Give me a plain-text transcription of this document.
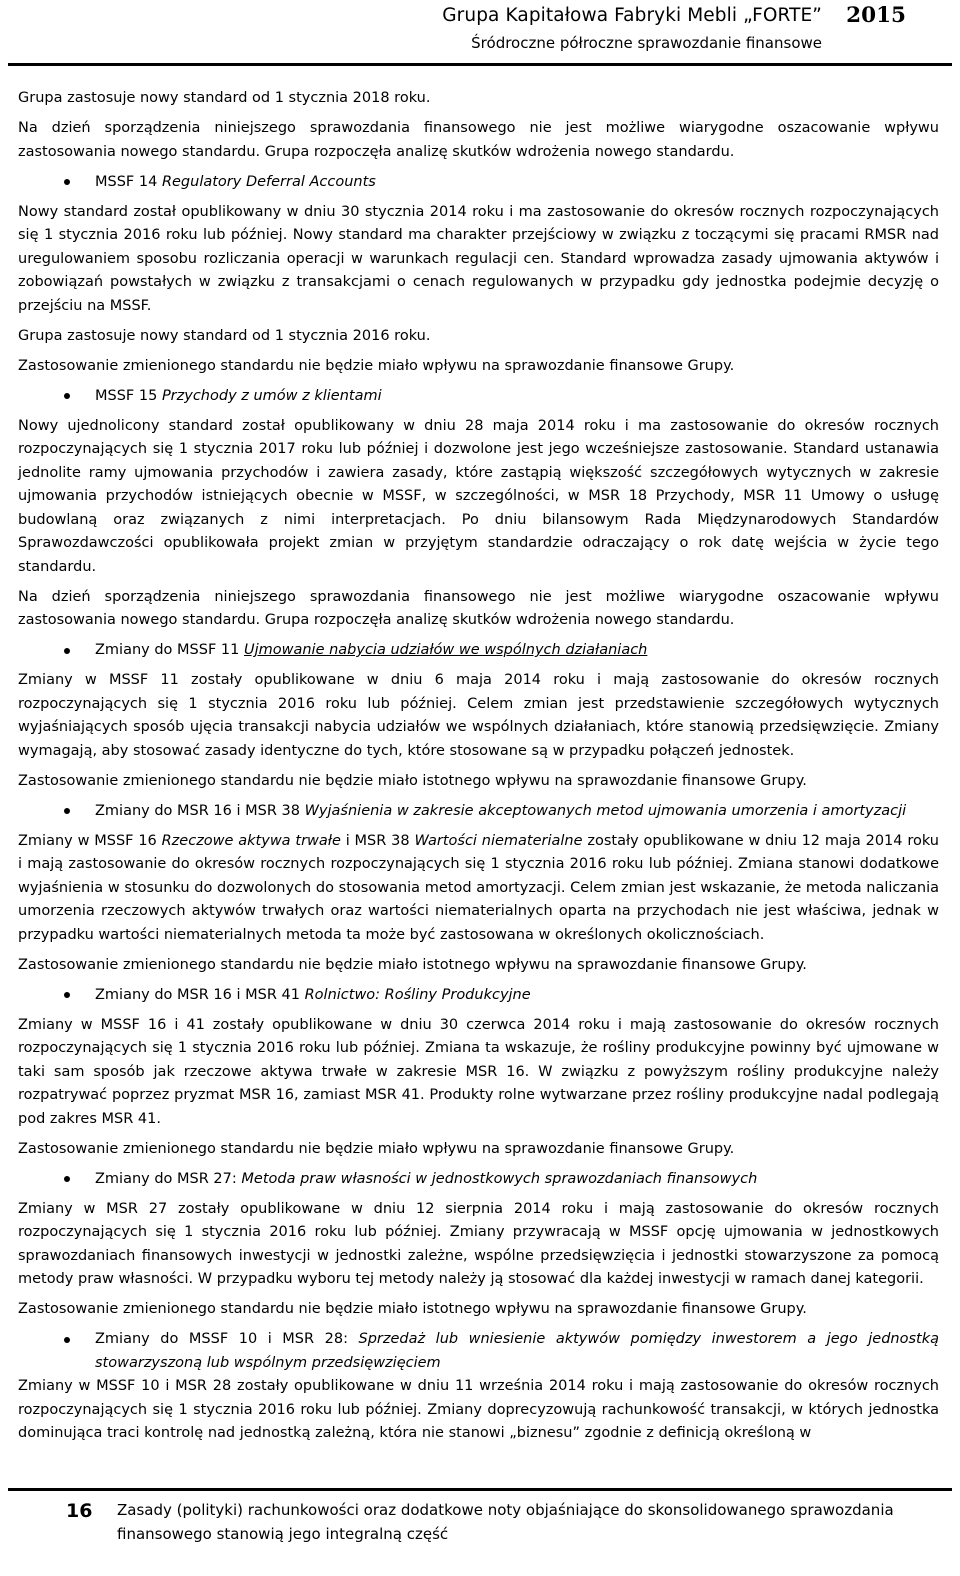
Grupa Kapitałowa Fabryki Mebli „FORTE” 2015
Śródroczne półroczne sprawozdanie finansowe

Grupa zastosuje nowy standard od 1 stycznia 2018 roku.

Na dzień sporządzenia niniejszego sprawozdania finansowego nie jest możliwe wiarygodne oszacowanie wpływu zastosowania nowego standardu. Grupa rozpoczęła analizę skutków wdrożenia nowego standardu.

MSSF 14 Regulatory Deferral Accounts

Nowy standard został opublikowany w dniu 30 stycznia 2014 roku i ma zastosowanie do okresów rocznych rozpoczynających się 1 stycznia 2016 roku lub później. Nowy standard ma charakter przejściowy w związku z toczącymi się pracami RMSR nad uregulowaniem sposobu rozliczania operacji w warunkach regulacji cen. Standard wprowadza zasady ujmowania aktywów i zobowiązań powstałych w związku z transakcjami o cenach regulowanych w przypadku gdy jednostka podejmie decyzję o przejściu na MSSF.

Grupa zastosuje nowy standard od 1 stycznia 2016 roku.

Zastosowanie zmienionego standardu nie będzie miało wpływu na sprawozdanie finansowe Grupy.

MSSF 15 Przychody z umów z klientami

Nowy ujednolicony standard został opublikowany w dniu 28 maja 2014 roku i ma zastosowanie do okresów rocznych rozpoczynających się 1 stycznia 2017 roku lub później i dozwolone jest jego wcześniejsze zastosowanie. Standard ustanawia jednolite ramy ujmowania przychodów i zawiera zasady, które zastąpią większość szczegółowych wytycznych w zakresie ujmowania przychodów istniejących obecnie w MSSF, w szczególności, w MSR 18 Przychody, MSR 11 Umowy o usługę budowlaną oraz związanych z nimi interpretacjach. Po dniu bilansowym Rada Międzynarodowych Standardów Sprawozdawczości opublikowała projekt zmian w przyjętym standardzie odraczający o rok datę wejścia w życie tego standardu.

Na dzień sporządzenia niniejszego sprawozdania finansowego nie jest możliwe wiarygodne oszacowanie wpływu zastosowania nowego standardu. Grupa rozpoczęła analizę skutków wdrożenia nowego standardu.

Zmiany do MSSF 11 Ujmowanie nabycia udziałów we wspólnych działaniach

Zmiany w MSSF 11 zostały opublikowane w dniu 6 maja 2014 roku i mają zastosowanie do okresów rocznych rozpoczynających się 1 stycznia 2016 roku lub później. Celem zmian jest przedstawienie szczegółowych wytycznych wyjaśniających sposób ujęcia transakcji nabycia udziałów we wspólnych działaniach, które stanowią przedsięwzięcie. Zmiany wymagają, aby stosować zasady identyczne do tych, które stosowane są w przypadku połączeń jednostek.

Zastosowanie zmienionego standardu nie będzie miało istotnego wpływu na sprawozdanie finansowe Grupy.

Zmiany do MSR 16 i MSR 38 Wyjaśnienia w zakresie akceptowanych metod ujmowania umorzenia i amortyzacji

Zmiany w MSSF 16 Rzeczowe aktywa trwałe i MSR 38 Wartości niematerialne zostały opublikowane w dniu 12 maja 2014 roku i mają zastosowanie do okresów rocznych rozpoczynających się 1 stycznia 2016 roku lub później. Zmiana stanowi dodatkowe wyjaśnienia w stosunku do dozwolonych do stosowania metod amortyzacji. Celem zmian jest wskazanie, że metoda naliczania umorzenia rzeczowych aktywów trwałych oraz wartości niematerialnych oparta na przychodach nie jest właściwa, jednak w przypadku wartości niematerialnych metoda ta może być zastosowana w określonych okolicznościach.

Zastosowanie zmienionego standardu nie będzie miało istotnego wpływu na sprawozdanie finansowe Grupy.

Zmiany do MSR 16 i MSR 41 Rolnictwo: Rośliny Produkcyjne

Zmiany w MSSF 16 i 41 zostały opublikowane w dniu 30 czerwca 2014 roku i mają zastosowanie do okresów rocznych rozpoczynających się 1 stycznia 2016 roku lub później. Zmiana ta wskazuje, że rośliny produkcyjne powinny być ujmowane w taki sam sposób jak rzeczowe aktywa trwałe w zakresie MSR 16. W związku z powyższym rośliny produkcyjne należy rozpatrywać poprzez pryzmat MSR 16, zamiast MSR 41. Produkty rolne wytwarzane przez rośliny produkcyjne nadal podlegają pod zakres MSR 41.

Zastosowanie zmienionego standardu nie będzie miało wpływu na sprawozdanie finansowe Grupy.

Zmiany do MSR 27: Metoda praw własności w jednostkowych sprawozdaniach finansowych

Zmiany w MSR 27 zostały opublikowane w dniu 12 sierpnia 2014 roku i mają zastosowanie do okresów rocznych rozpoczynających się 1 stycznia 2016 roku lub później. Zmiany przywracają w MSSF opcję ujmowania w jednostkowych sprawozdaniach finansowych inwestycji w jednostki zależne, wspólne przedsięwzięcia i jednostki stowarzyszone za pomocą metody praw własności. W przypadku wyboru tej metody należy ją stosować dla każdej inwestycji w ramach danej kategorii.

Zastosowanie zmienionego standardu nie będzie miało istotnego wpływu na sprawozdanie finansowe Grupy.

Zmiany do MSSF 10 i MSR 28: Sprzedaż lub wniesienie aktywów pomiędzy inwestorem a jego jednostką stowarzyszoną lub wspólnym przedsięwzięciem

Zmiany w MSSF 10 i MSR 28 zostały opublikowane w dniu 11 września 2014 roku i mają zastosowanie do okresów rocznych rozpoczynających się 1 stycznia 2016 roku lub później. Zmiany doprecyzowują rachunkowość transakcji, w których jednostka dominująca traci kontrolę nad jednostką zależną, która nie stanowi „biznesu” zgodnie z definicją określoną w

16 Zasady (polityki) rachunkowości oraz dodatkowe noty objaśniające do skonsolidowanego sprawozdania finansowego stanowią jego integralną część
